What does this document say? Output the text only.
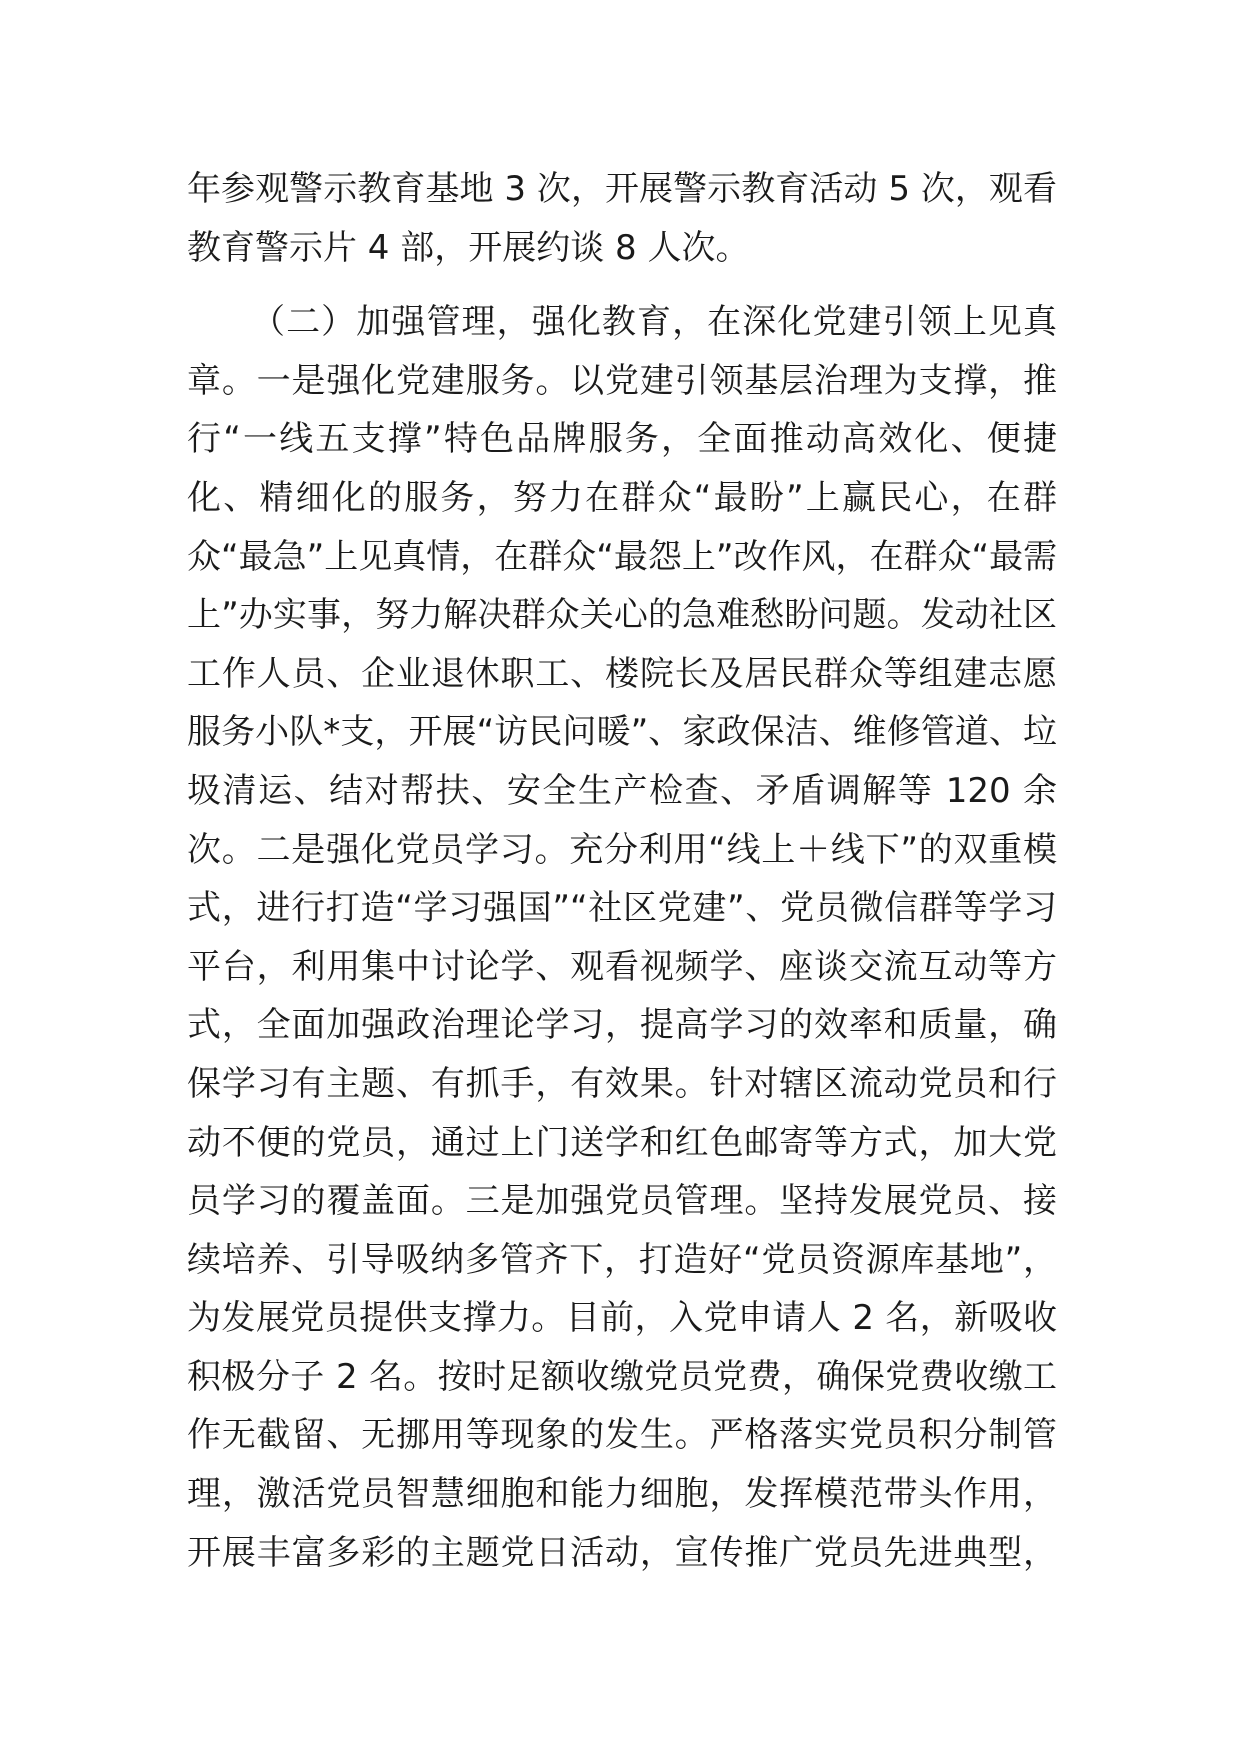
年参观警示教育基地 3 次，开展警示教育活动 5 次，观看
教育警示片 4 部，开展约谈 8 人次。
（二）加强管理，强化教育，在深化党建引领上见真
章。一是强化党建服务。以党建引领基层治理为支撑，推
行“一线五支撑”特色品牌服务，全面推动高效化、便捷
化、精细化的服务，努力在群众“最盼”上赢民心，在群
众“最急”上见真情，在群众“最怨上”改作风，在群众“最需
上”办实事，努力解决群众关心的急难愁盼问题。发动社区
工作人员、企业退休职工、楼院长及居民群众等组建志愿
服务小队*支，开展“访民问暖”、家政保洁、维修管道、垃
圾清运、结对帮扶、安全生产检查、矛盾调解等 120 余
次。二是强化党员学习。充分利用“线上＋线下”的双重模
式，进行打造“学习强国”“社区党建”、党员微信群等学习
平台，利用集中讨论学、观看视频学、座谈交流互动等方
式，全面加强政治理论学习，提高学习的效率和质量，确
保学习有主题、有抓手，有效果。针对辖区流动党员和行
动不便的党员，通过上门送学和红色邮寄等方式，加大党
员学习的覆盖面。三是加强党员管理。坚持发展党员、接
续培养、引导吸纳多管齐下，打造好“党员资源库基地”，
为发展党员提供支撑力。目前，入党申请人 2 名，新吸收
积极分子 2 名。按时足额收缴党员党费，确保党费收缴工
作无截留、无挪用等现象的发生。严格落实党员积分制管
理，激活党员智慧细胞和能力细胞，发挥模范带头作用，
开展丰富多彩的主题党日活动，宣传推广党员先进典型，
